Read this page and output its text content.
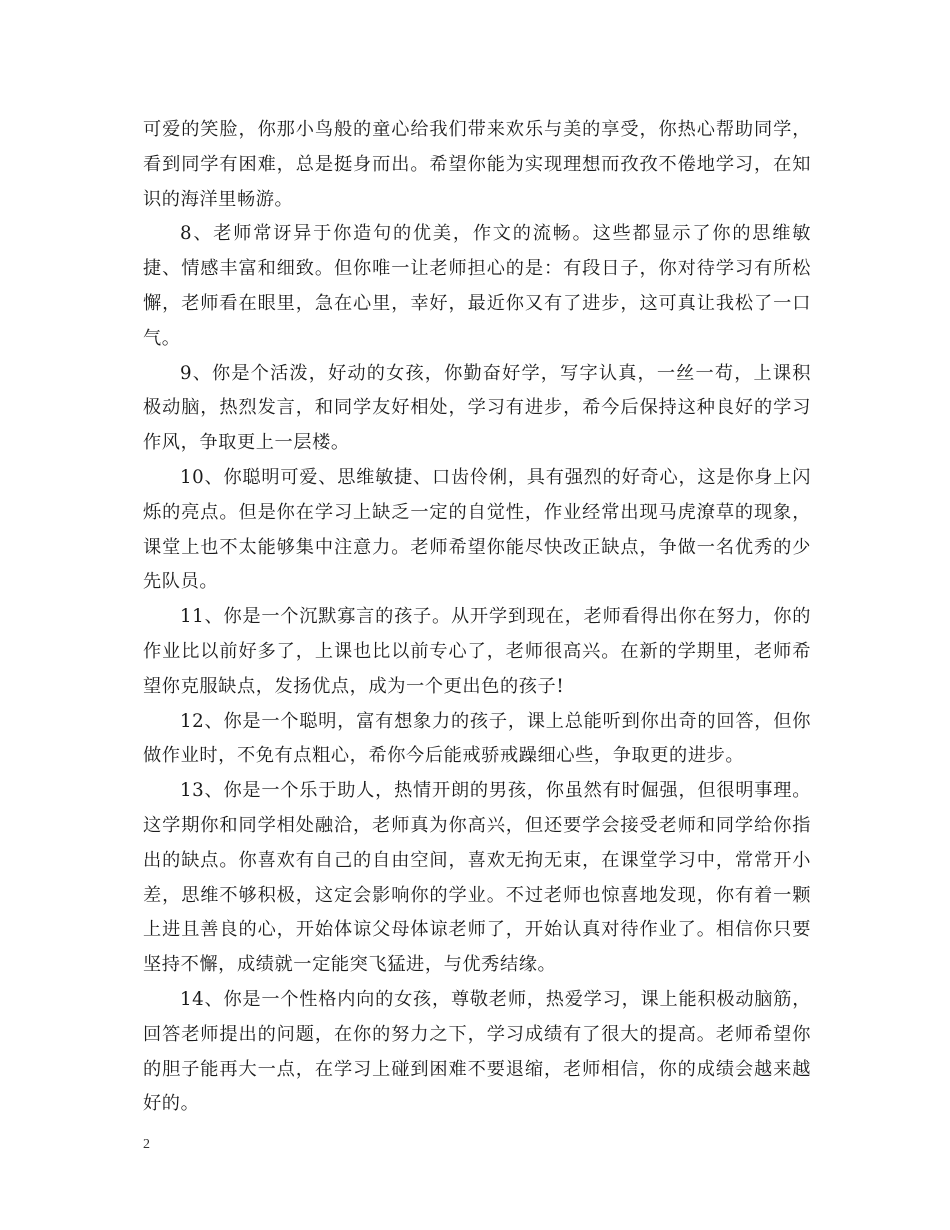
可爱的笑脸，你那小鸟般的童心给我们带来欢乐与美的享受，你热心帮助同学，看到同学有困难，总是挺身而出。希望你能为实现理想而孜孜不倦地学习，在知识的海洋里畅游。

8、老师常讶异于你造句的优美，作文的流畅。这些都显示了你的思维敏捷、情感丰富和细致。但你唯一让老师担心的是：有段日子，你对待学习有所松懈，老师看在眼里，急在心里，幸好，最近你又有了进步，这可真让我松了一口气。

9、你是个活泼，好动的女孩，你勤奋好学，写字认真，一丝一苟，上课积极动脑，热烈发言，和同学友好相处，学习有进步，希今后保持这种良好的学习作风，争取更上一层楼。

10、你聪明可爱、思维敏捷、口齿伶俐，具有强烈的好奇心，这是你身上闪烁的亮点。但是你在学习上缺乏一定的自觉性，作业经常出现马虎潦草的现象，课堂上也不太能够集中注意力。老师希望你能尽快改正缺点，争做一名优秀的少先队员。

11、你是一个沉默寡言的孩子。从开学到现在，老师看得出你在努力，你的作业比以前好多了，上课也比以前专心了，老师很高兴。在新的学期里，老师希望你克服缺点，发扬优点，成为一个更出色的孩子!

12、你是一个聪明，富有想象力的孩子，课上总能听到你出奇的回答，但你做作业时，不免有点粗心，希你今后能戒骄戒躁细心些，争取更的进步。

13、你是一个乐于助人，热情开朗的男孩，你虽然有时倔强，但很明事理。这学期你和同学相处融洽，老师真为你高兴，但还要学会接受老师和同学给你指出的缺点。你喜欢有自己的自由空间，喜欢无拘无束，在课堂学习中，常常开小差，思维不够积极，这定会影响你的学业。不过老师也惊喜地发现，你有着一颗上进且善良的心，开始体谅父母体谅老师了，开始认真对待作业了。相信你只要坚持不懈，成绩就一定能突飞猛进，与优秀结缘。

14、你是一个性格内向的女孩，尊敬老师，热爱学习，课上能积极动脑筋，回答老师提出的问题，在你的努力之下，学习成绩有了很大的提高。老师希望你的胆子能再大一点，在学习上碰到困难不要退缩，老师相信，你的成绩会越来越好的。

2
